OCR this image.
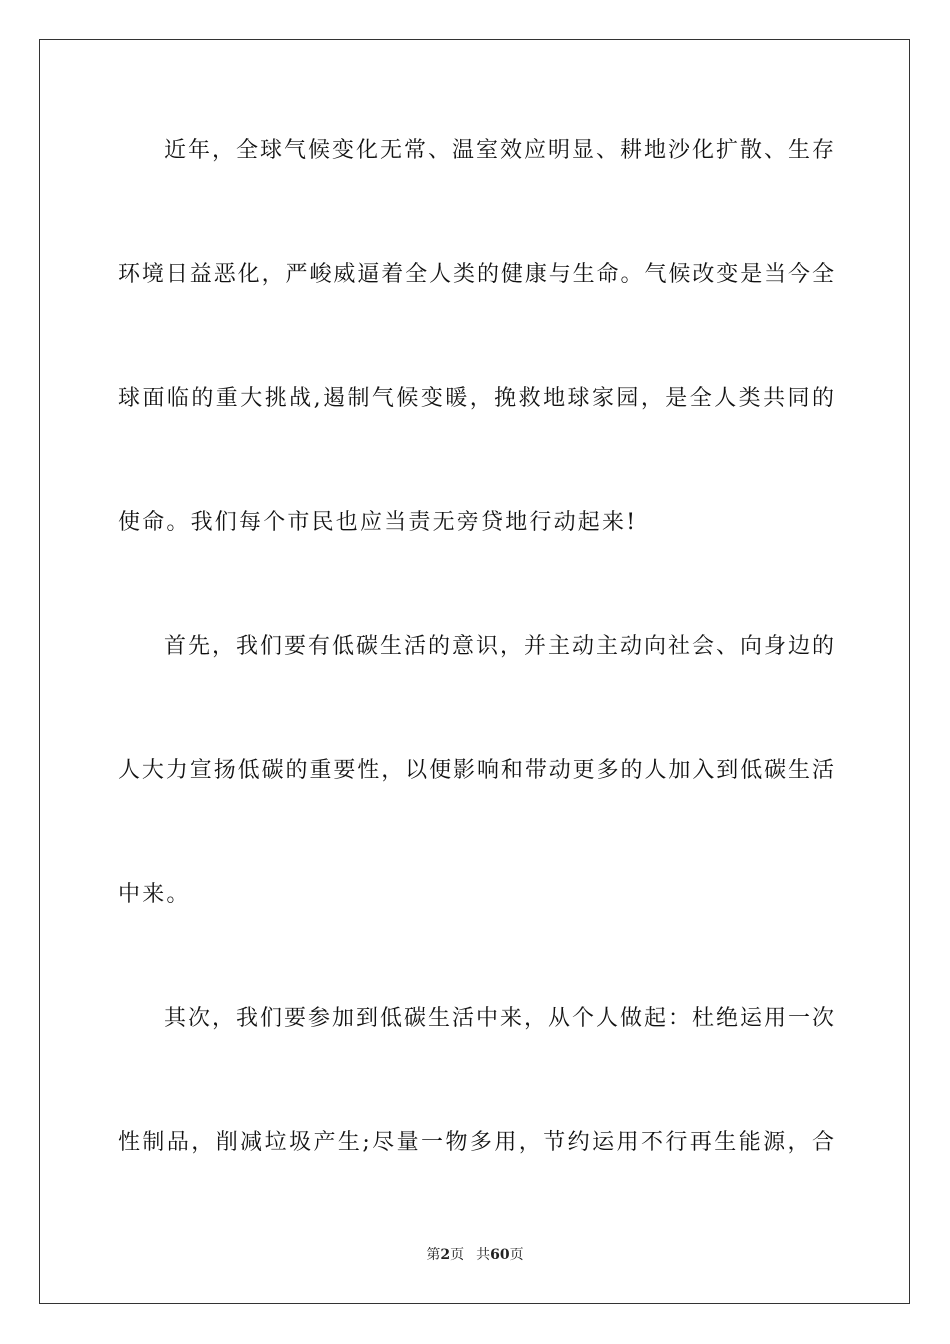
近年，全球气候变化无常、温室效应明显、耕地沙化扩散、生存
环境日益恶化，严峻威逼着全人类的健康与生命。气候改变是当今全
球面临的重大挑战,遏制气候变暖，挽救地球家园，是全人类共同的
使命。我们每个市民也应当责无旁贷地行动起来!
首先，我们要有低碳生活的意识，并主动主动向社会、向身边的
人大力宣扬低碳的重要性，以便影响和带动更多的人加入到低碳生活
中来。
其次，我们要参加到低碳生活中来，从个人做起：杜绝运用一次
性制品，削减垃圾产生;尽量一物多用，节约运用不行再生能源，合
第2页 共60页
